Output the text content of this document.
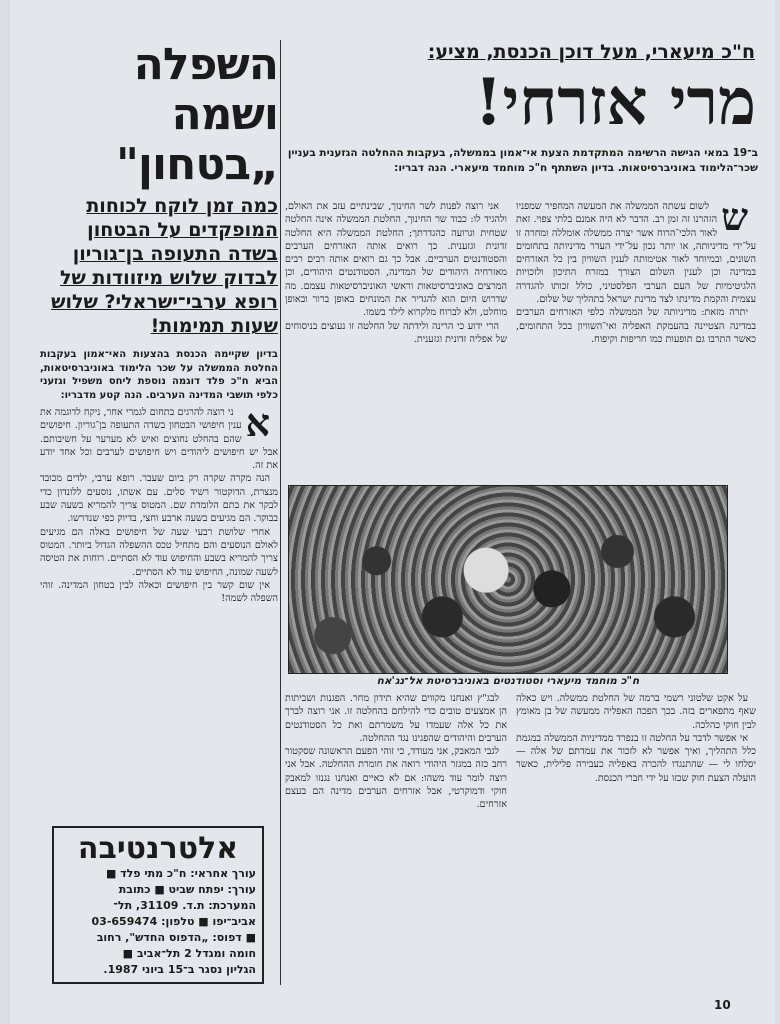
השפלה ושמה „בטחון"
כמה זמן לוקח לכוחות המופקדים על הבטחון בשדה התעופה בן־גוריון לבדוק שלוש מיזוודות של רופא ערבי־ישראלי? שלוש שעות תמימות!
בדיון שקיימה הכנסת בהצעות האי־אמון בעקבות החלטת הממשלה על שכר הלימוד באוניברסיטאות, הביא ח"כ פלד דוגמה נוספת ליחס משפיל וגזעני כלפי תושבי המדינה הערבים. הנה קטע מדבריו:

א
ני רוצה להרגים בתחום לגמרי אחר, ניקח לדוגמה את ענין חיפושי הבטחון בשדה התעופה בן־גוריון. חיפושים שהם בהחלט נחוצים ואיש לא מערער על חשיבותם. אבל יש חיפושים ליהודים ויש חיפושים לערבים וכל אחד יודע את זה.

הנה מקרה שקרה רק ביום שעבר. רופא ערבי, ילדים מכובד מנצרת, הדוקטור רשיד סלים. עם אשתו, נוסעים ללונדון כדי לבקר את בתם הלומדת שם. המטוס צריך להמריא בשעה שבע בבוקר. הם מגיעים בשעה ארבע וחצי, בדיוק כפי שנדרשו.

אחרי שלושת רבעי שעה של חיפושים באלה הם מגיעים לאולם הנוסעים והם מתחיל טכס ההשפלה הגדול ביותר. המטוס צריך להמריא בשבע והחיפוש עוד לא הסתיים. רוחות את הטיסה לשעה שמונה, החיפוש עוד לא הסתיים.

אין שום קשר בין חיפושים וכאלה לבין בטחון המדינה. זוהי השפלה לשמה!

אלטרנטיבה
עורך אחראי: ח"כ מתי פלד ■
עורך: יפתח שביט ■ כתובת
המערכת: ת.ד. 31109, תל־
אביב־יפו ■ טלפון: 03-659474
■ דפוס: „הדפוס החדש", רחוב
חומה ומגדל 2 תל־אביב ■
הגליון נסגר ב־15 ביוני 1987.
ח"כ מיעארי, מעל דוכן הכנסת, מציע:
מרי אזרחי!
ב־19 במאי הגישה הרשימה המתקדמת הצעת אי־אמון בממשלה, בעקבות ההחלטה הגזענית בעניין שכר־הלימוד באוניברסיטאות. בדיון השתתף ח"כ מוחמד מיעארי. הנה דבריו:

ש
לשום עשתה הממשלה את המעשה המחפיר שמפניו הזהרנו זה זמן רב. הדבר לא היה אמנם בלתי צפוי. זאת לאור הלכי־הרוח אשר יצרה ממשלה אומללה ומחרה זו על־ידי מדיניותה, או יותר נכון על־ידי העדר מדיניותה בתחומים השונים, ובמיוחד לאור אטימותה לענין השוויון בין כל האזרחים במדינה וכן לענין השלום הצורך במזרח התיכון ולזכויות הלגיטימיות של העם הערבי הפלסטיני, כולל זכותו להגדרה עצמית והקמת מדינתו לצד מדינת ישראל בתהליך של שלום.

יתרה מזאת: מדיניותה של הממשלה כלפי האזרחים הערבים במדינה הצטיינה בהעמקת האפליה ואי־השוויון בכל התחומים, כאשר התרבו גם תופעות כמו חריפות וקיפוח.

אני רוצה לפנות לשר החינוך, שבינתיים עזב את האולם, ולהגיד לו: כבוד שר החינוך, החלטת הממשלה אינה החלטה שטחית וגרועה כהגדרתך; החלטת הממשלה היא החלטה זדונית וגזענית. כך רואים אותה האזרחים הערבים והסטודנטים הערביים. אבל כך גם רואים אותה רבים רבים מאזרחיה היהודים של המדינה, הסטודנטים היהודים, וכן המרצים באוניברסיטאות וראשי האוניברסיטאות עצמם. מה שדרוש היום הוא להגדיר את המונחים באופן ברור ובאופן מוחלט, ולא לברוח מלקרוא לילד בשמו.

הרי ידוע כי הרינה ולידתה של החלטה זו נעוצים בניסוחים של אפליה זדונית וגזענית.

ח"כ מוחמד מיעארי וסטודנטים באוניברסיטת אל־נג'אח

על אקט שלטוני רשמי ברמה של החלטת ממשלה. ויש כאלה שאף מתפארים בזה. בכך הפכה האפליה ממעשה של בן מאומץ לבין חוקי כהלכה.

אי אפשר לדבר על החלטה זו בנפרד ממדיניות הממשלה במגמת כלל התהליך, ואיך אפשר לא לזכור את עמדתם של אלה — יסלחו לי — שהתנגדו להכרה באפליה כעבירה פלילית, כאשר הועלה הצעת חוק שכזו על ידי חברי הכנסת.

לבג"ץ ואנחנו מקווים שהיא תידון מחר. הפגנות ושביתות הן אמצעים טובים כדי להילחם בהחלטה זו. אני רוצה לברך את כל אלה שעמדו על משמרתם ואת כל הסטודנטים הערבים והיהודים שהפגינו נגד ההחלטה.

לגבי המאבק, אני מעודד, כי זוהי הפעם הראשונה שסקטור רחב כזה במגזר היהודי רואה את חומרת ההחלטה. אבל אני רוצה לומר עוד משהו: אם לא כאיים ואנחנו נגנזו למאבק חוקי ודמוקרטי, אבל אזרחים הערבים מדינה הם בעצם אזרחים.

10
